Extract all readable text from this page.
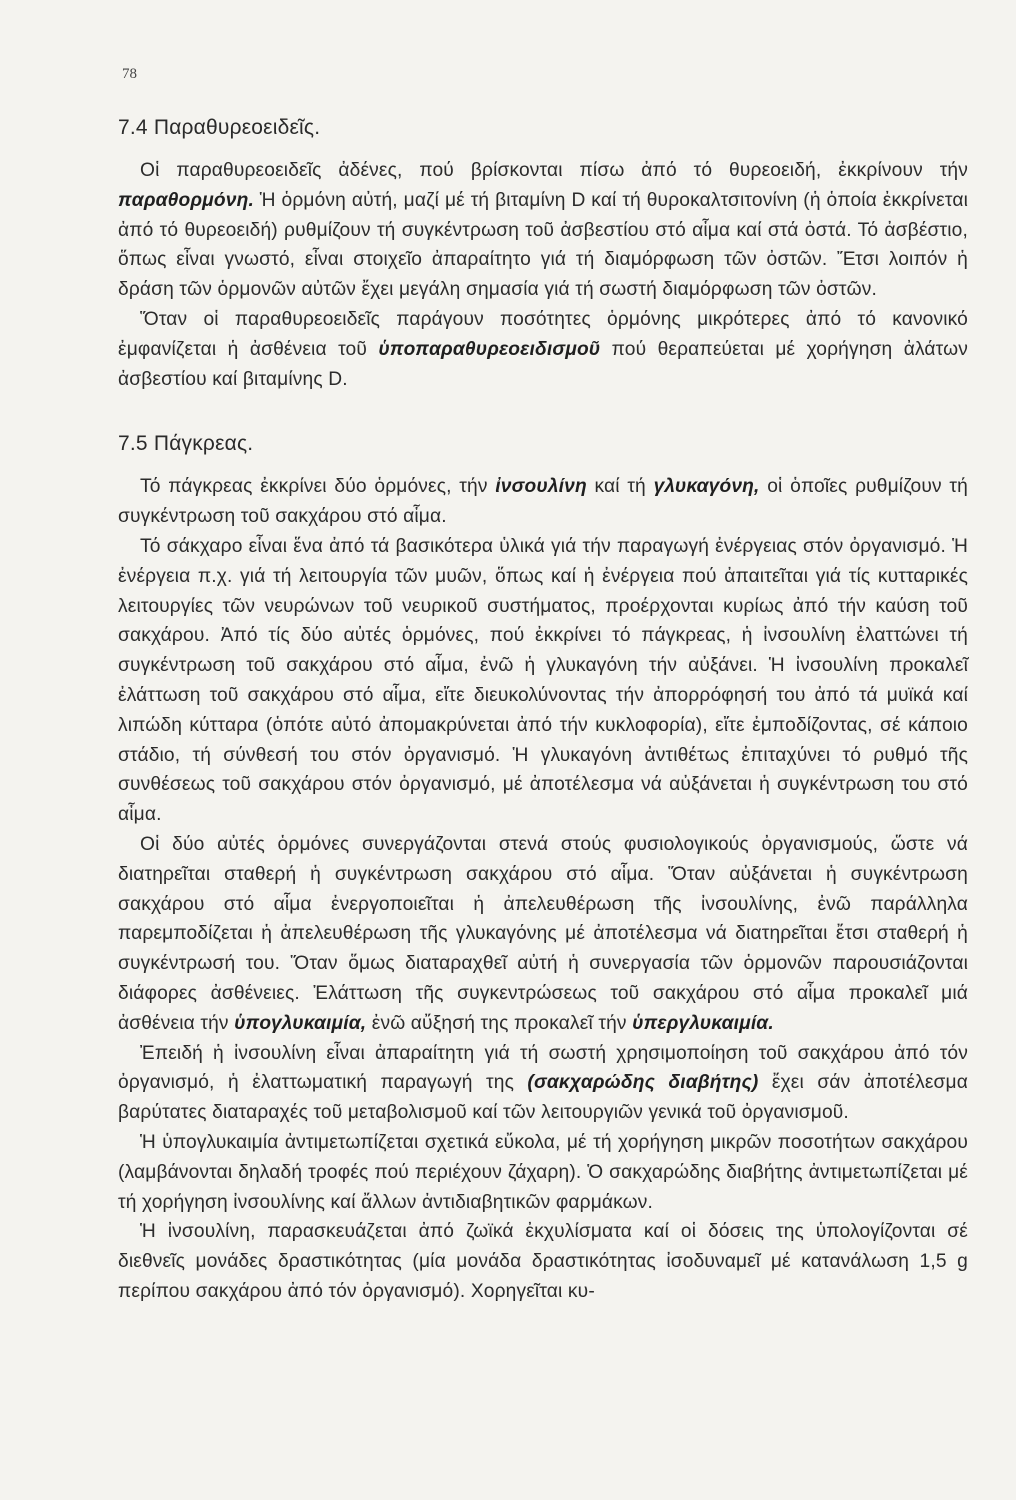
78
7.4 Παραθυρεοειδεῖς.

Οἱ παραθυρεοειδεῖς ἀδένες, πού βρίσκονται πίσω ἀπό τό θυρεοειδή, ἐκκρίνουν τήν παραθορμόνη. Ἡ ὁρμόνη αὐτή, μαζί μέ τή βιταμίνη D καί τή θυροκαλτσιτονίνη (ἡ ὁποία ἐκκρίνεται ἀπό τό θυρεοειδή) ρυθμίζουν τή συγκέντρωση τοῦ ἀσβεστίου στό αἷμα καί στά ὀστά. Τό ἀσβέστιο, ὅπως εἶναι γνωστό, εἶναι στοιχεῖο ἀπαραίτητο γιά τή διαμόρφωση τῶν ὀστῶν. Ἔτσι λοιπόν ἡ δράση τῶν ὁρμονῶν αὐτῶν ἔχει μεγάλη σημασία γιά τή σωστή διαμόρφωση τῶν ὀστῶν.

Ὅταν οἱ παραθυρεοειδεῖς παράγουν ποσότητες ὁρμόνης μικρότερες ἀπό τό κανονικό ἐμφανίζεται ἡ ἀσθένεια τοῦ ὑποπαραθυρεοειδισμοῦ πού θεραπεύεται μέ χορήγηση ἀλάτων ἀσβεστίου καί βιταμίνης D.

7.5 Πάγκρεας.

Τό πάγκρεας ἐκκρίνει δύο ὁρμόνες, τήν ἰνσουλίνη καί τή γλυκαγόνη, οἱ ὁποῖες ρυθμίζουν τή συγκέντρωση τοῦ σακχάρου στό αἷμα.

Τό σάκχαρο εἶναι ἕνα ἀπό τά βασικότερα ὑλικά γιά τήν παραγωγή ἐνέργειας στόν ὀργανισμό. Ἡ ἐνέργεια π.χ. γιά τή λειτουργία τῶν μυῶν, ὅπως καί ἡ ἐνέργεια πού ἀπαιτεῖται γιά τίς κυτταρικές λειτουργίες τῶν νευρώνων τοῦ νευρικοῦ συστήματος, προέρχονται κυρίως ἀπό τήν καύση τοῦ σακχάρου. Ἀπό τίς δύο αὐτές ὁρμόνες, πού ἐκκρίνει τό πάγκρεας, ἡ ἰνσουλίνη ἐλαττώνει τή συγκέντρωση τοῦ σακχάρου στό αἷμα, ἐνῶ ἡ γλυκαγόνη τήν αὐξάνει. Ἡ ἰνσουλίνη προκαλεῖ ἐλάττωση τοῦ σακχάρου στό αἷμα, εἴτε διευκολύνοντας τήν ἀπορρόφησή του ἀπό τά μυϊκά καί λιπώδη κύτταρα (ὁπότε αὐτό ἀπομακρύνεται ἀπό τήν κυκλοφορία), εἴτε ἐμποδίζοντας, σέ κάποιο στάδιο, τή σύνθεσή του στόν ὀργανισμό. Ἡ γλυκαγόνη ἀντιθέτως ἐπιταχύνει τό ρυθμό τῆς συνθέσεως τοῦ σακχάρου στόν ὀργανισμό, μέ ἀποτέλεσμα νά αὐξάνεται ἡ συγκέντρωση του στό αἷμα.

Οἱ δύο αὐτές ὁρμόνες συνεργάζονται στενά στούς φυσιολογικούς ὀργανισμούς, ὥστε νά διατηρεῖται σταθερή ἡ συγκέντρωση σακχάρου στό αἷμα. Ὅταν αὐξάνεται ἡ συγκέντρωση σακχάρου στό αἷμα ἐνεργοποιεῖται ἡ ἀπελευθέρωση τῆς ἰνσουλίνης, ἐνῶ παράλληλα παρεμποδίζεται ἡ ἀπελευθέρωση τῆς γλυκαγόνης μέ ἀποτέλεσμα νά διατηρεῖται ἔτσι σταθερή ἡ συγκέντρωσή του. Ὅταν ὅμως διαταραχθεῖ αὐτή ἡ συνεργασία τῶν ὁρμονῶν παρουσιάζονται διάφορες ἀσθένειες. Ἐλάττωση τῆς συγκεντρώσεως τοῦ σακχάρου στό αἷμα προκαλεῖ μιά ἀσθένεια τήν ὑπογλυκαιμία, ἐνῶ αὔξησή της προκαλεῖ τήν ὑπεργλυκαιμία.

Ἐπειδή ἡ ἰνσουλίνη εἶναι ἀπαραίτητη γιά τή σωστή χρησιμοποίηση τοῦ σακχάρου ἀπό τόν ὀργανισμό, ἡ ἐλαττωματική παραγωγή της (σακχαρώδης διαβήτης) ἔχει σάν ἀποτέλεσμα βαρύτατες διαταραχές τοῦ μεταβολισμοῦ καί τῶν λειτουργιῶν γενικά τοῦ ὀργανισμοῦ.

Ἡ ὑπογλυκαιμία ἀντιμετωπίζεται σχετικά εὔκολα, μέ τή χορήγηση μικρῶν ποσοτήτων σακχάρου (λαμβάνονται δηλαδή τροφές πού περιέχουν ζάχαρη). Ὁ σακχαρώδης διαβήτης ἀντιμετωπίζεται μέ τή χορήγηση ἰνσουλίνης καί ἄλλων ἀντιδιαβητικῶν φαρμάκων.

Ἡ ἰνσουλίνη, παρασκευάζεται ἀπό ζωϊκά ἐκχυλίσματα καί οἱ δόσεις της ὑπολογίζονται σέ διεθνεῖς μονάδες δραστικότητας (μία μονάδα δραστικότητας ἰσοδυναμεῖ μέ κατανάλωση 1,5 g περίπου σακχάρου ἀπό τόν ὀργανισμό). Χορηγεῖται κυ-
